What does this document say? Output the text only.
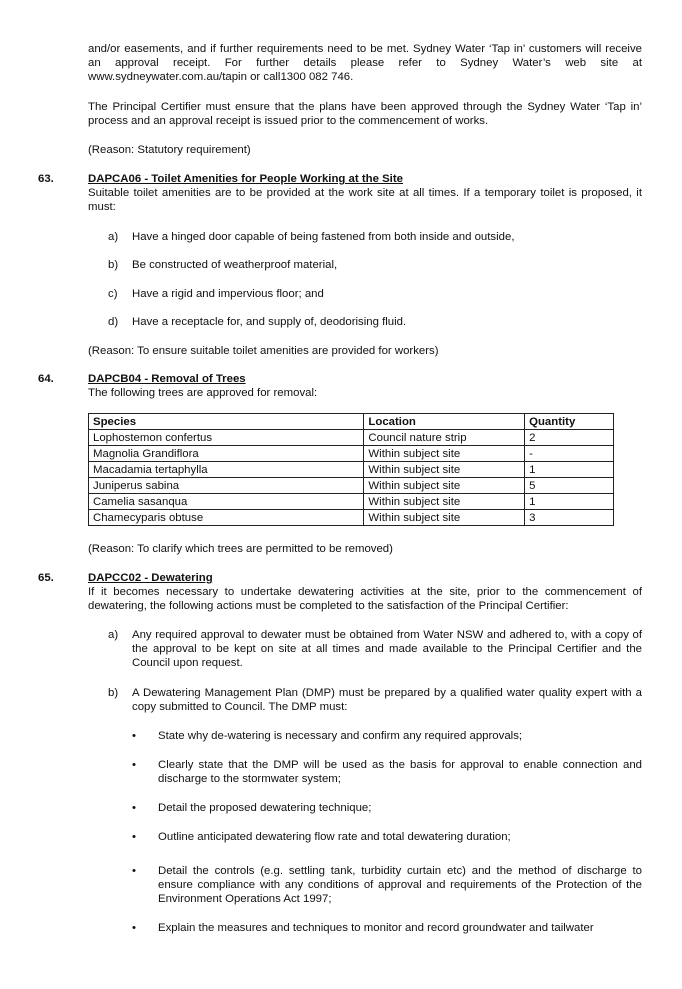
and/or easements, and if further requirements need to be met. Sydney Water ‘Tap in’ customers will receive an approval receipt. For further details please refer to Sydney Water’s web site at www.sydneywater.com.au/tapin or call1300 082 746.

The Principal Certifier must ensure that the plans have been approved through the Sydney Water ‘Tap in’ process and an approval receipt is issued prior to the commencement of works.

(Reason: Statutory requirement)

63.	DAPCA06 - Toilet Amenities for People Working at the Site

Suitable toilet amenities are to be provided at the work site at all times. If a temporary toilet is proposed, it must:

a)	Have a hinged door capable of being fastened from both inside and outside,
b)	Be constructed of weatherproof material,
c)	Have a rigid and impervious floor; and
d)	Have a receptacle for, and supply of, deodorising fluid.

(Reason: To ensure suitable toilet amenities are provided for workers)

64.	DAPCB04 - Removal of Trees

The following trees are approved for removal:

Species	Location	Quantity
Lophostemon confertus	Council nature strip	2
Magnolia Grandiflora	Within subject site	-
Macadamia tertaphylla	Within subject site	1
Juniperus sabina	Within subject site	5
Camelia sasanqua	Within subject site	1
Chamecyparis obtuse	Within subject site	3

(Reason: To clarify which trees are permitted to be removed)

65.	DAPCC02 - Dewatering

If it becomes necessary to undertake dewatering activities at the site, prior to the commencement of dewatering, the following actions must be completed to the satisfaction of the Principal Certifier:

a) Any required approval to dewater must be obtained from Water NSW and adhered to, with a copy of the approval to be kept on site at all times and made available to the Principal Certifier and the Council upon request.
b) A Dewatering Management Plan (DMP) must be prepared by a qualified water quality expert with a copy submitted to Council. The DMP must:
• State why de-watering is necessary and confirm any required approvals;
• Clearly state that the DMP will be used as the basis for approval to enable connection and discharge to the stormwater system;
• Detail the proposed dewatering technique;
• Outline anticipated dewatering flow rate and total dewatering duration;
• Detail the controls (e.g. settling tank, turbidity curtain etc) and the method of discharge to ensure compliance with any conditions of approval and requirements of the Protection of the Environment Operations Act 1997;
• Explain the measures and techniques to monitor and record groundwater and tailwater
